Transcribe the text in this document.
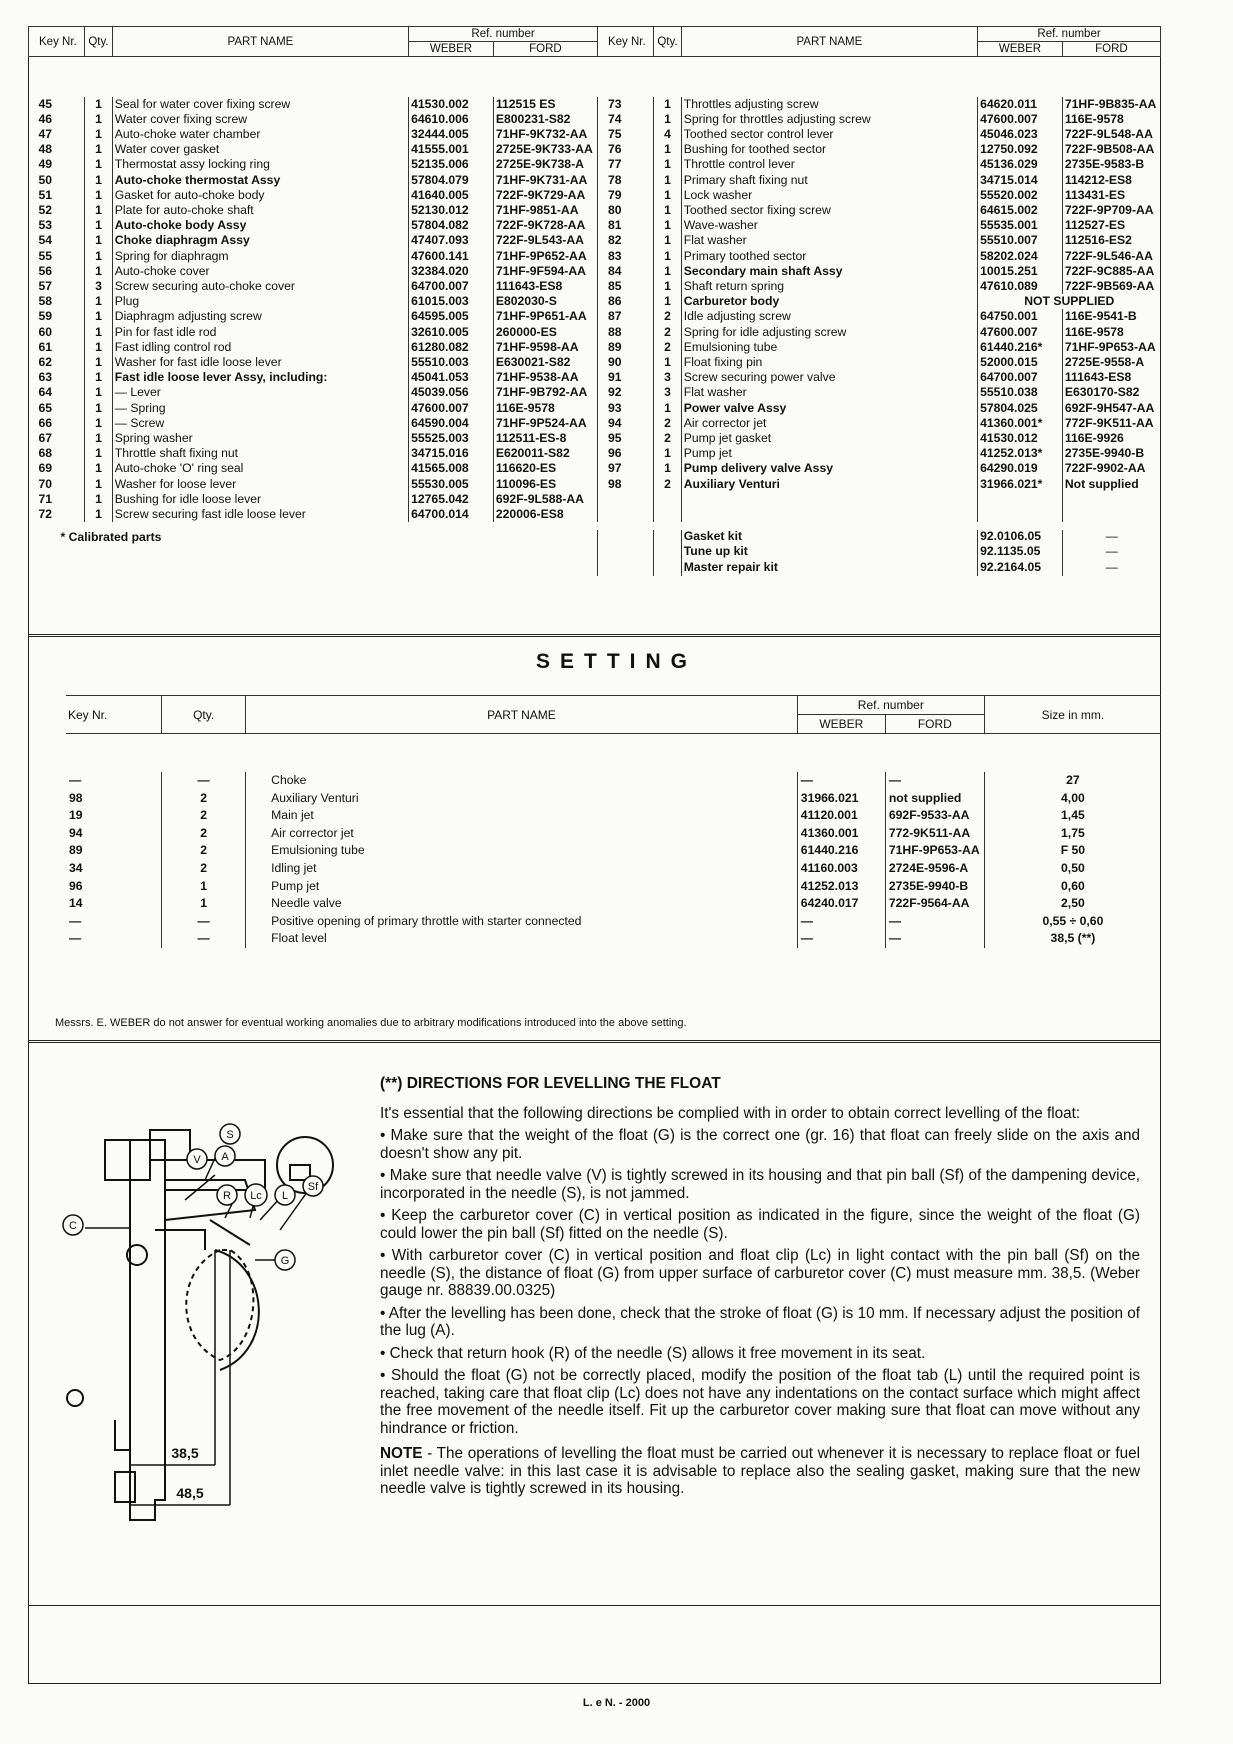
Key Nr.	Qty.	PART NAME	Ref. number		Key Nr.	Qty.	PART NAME	Ref. number	
			WEBER	FORD				WEBER	FORD

45	1	Seal for water cover fixing screw	41530.002	112515 ES	73	1	Throttles adjusting screw	64620.011	71HF-9B835-AA
46	1	Water cover fixing screw	64610.006	E800231-S82	74	1	Spring for throttles adjusting screw	47600.007	116E-9578
47	1	Auto-choke water chamber	32444.005	71HF-9K732-AA	75	4	Toothed sector control lever	45046.023	722F-9L548-AA
48	1	Water cover gasket	41555.001	2725E-9K733-AA	76	1	Bushing for toothed sector	12750.092	722F-9B508-AA
49	1	Thermostat assy locking ring	52135.006	2725E-9K738-A	77	1	Throttle control lever	45136.029	2735E-9583-B
50	1	Auto-choke thermostat Assy	57804.079	71HF-9K731-AA	78	1	Primary shaft fixing nut	34715.014	114212-ES8
51	1	Gasket for auto-choke body	41640.005	722F-9K729-AA	79	1	Lock washer	55520.002	113431-ES
52	1	Plate for auto-choke shaft	52130.012	71HF-9851-AA	80	1	Toothed sector fixing screw	64615.002	722F-9P709-AA
53	1	Auto-choke body Assy	57804.082	722F-9K728-AA	81	1	Wave-washer	55535.001	112527-ES
54	1	Choke diaphragm Assy	47407.093	722F-9L543-AA	82	1	Flat washer	55510.007	112516-ES2
55	1	Spring for diaphragm	47600.141	71HF-9P652-AA	83	1	Primary toothed sector	58202.024	722F-9L546-AA
56	1	Auto-choke cover	32384.020	71HF-9F594-AA	84	1	Secondary main shaft Assy	10015.251	722F-9C885-AA
57	3	Screw securing auto-choke cover	64700.007	111643-ES8	85	1	Shaft return spring	47610.089	722F-9B569-AA
58	1	Plug	61015.003	E802030-S	86	1	Carburetor body	NOT SUPPLIED	
59	1	Diaphragm adjusting screw	64595.005	71HF-9P651-AA	87	2	Idle adjusting screw	64750.001	116E-9541-B
60	1	Pin for fast idle rod	32610.005	260000-ES	88	2	Spring for idle adjusting screw	47600.007	116E-9578
61	1	Fast idling control rod	61280.082	71HF-9598-AA	89	2	Emulsioning tube	61440.216*	71HF-9P653-AA
62	1	Washer for fast idle loose lever	55510.003	E630021-S82	90	1	Float fixing pin	52000.015	2725E-9558-A
63	1	Fast idle loose lever Assy, including:	45041.053	71HF-9538-AA	91	3	Screw securing power valve	64700.007	111643-ES8
64	1	— Lever	45039.056	71HF-9B792-AA	92	3	Flat washer	55510.038	E630170-S82
65	1	— Spring	47600.007	116E-9578	93	1	Power valve Assy	57804.025	692F-9H547-AA
66	1	— Screw	64590.004	71HF-9P524-AA	94	2	Air corrector jet	41360.001*	772F-9K511-AA
67	1	Spring washer	55525.003	112511-ES-8	95	2	Pump jet gasket	41530.012	116E-9926
68	1	Throttle shaft fixing nut	34715.016	E620011-S82	96	1	Pump jet	41252.013*	2735E-9940-B
69	1	Auto-choke 'O' ring seal	41565.008	116620-ES	97	1	Pump delivery valve Assy	64290.019	722F-9902-AA
70	1	Washer for loose lever	55530.005	110096-ES	98	2	Auxiliary Venturi	31966.021*	Not supplied
71	1	Bushing for idle loose lever	12765.042	692F-9L588-AA					
72	1	Screw securing fast idle loose lever	64700.014	220006-ES8					

* Calibrated parts							Gasket kit	92.0106.05	—
							Tune up kit	92.1135.05	—
							Master repair kit	92.2164.05	—
SETTING
Key Nr.	Qty.	PART NAME	Ref. number		Size in mm.
			WEBER	FORD	

—	—	Choke	—	—	27
98	2	Auxiliary Venturi	31966.021	not supplied	4,00
19	2	Main jet	41120.001	692F-9533-AA	1,45
94	2	Air corrector jet	41360.001	772-9K511-AA	1,75
89	2	Emulsioning tube	61440.216	71HF-9P653-AA	F 50
34	2	Idling jet	41160.003	2724E-9596-A	0,50
96	1	Pump jet	41252.013	2735E-9940-B	0,60
14	1	Needle valve	64240.017	722F-9564-AA	2,50
—	—	Positive opening of primary throttle with starter connected	—	—	0,55 ÷ 0,60
—	—	Float level	—	—	38,5 (**)
Messrs. E. WEBER do not answer for eventual working anomalies due to arbitrary modifications introduced into the above setting.
S
V A
Sf
R Lc L
C
G
38,5
48,5
(**) DIRECTIONS FOR LEVELLING THE FLOAT

It's essential that the following directions be complied with in order to obtain correct levelling of the float:

• Make sure that the weight of the float (G) is the correct one (gr. 16) that float can freely slide on the axis and doesn't show any pit.

• Make sure that needle valve (V) is tightly screwed in its housing and that pin ball (Sf) of the dampening device, incorporated in the needle (S), is not jammed.

• Keep the carburetor cover (C) in vertical position as indicated in the figure, since the weight of the float (G) could lower the pin ball (Sf) fitted on the needle (S).

• With carburetor cover (C) in vertical position and float clip (Lc) in light contact with the pin ball (Sf) on the needle (S), the distance of float (G) from upper surface of carburetor cover (C) must measure mm. 38,5. (Weber gauge nr. 88839.00.0325)

• After the levelling has been done, check that the stroke of float (G) is 10 mm. If necessary adjust the position of the lug (A).

• Check that return hook (R) of the needle (S) allows it free movement in its seat.

• Should the float (G) not be correctly placed, modify the position of the float tab (L) until the required point is reached, taking care that float clip (Lc) does not have any indentations on the contact surface which might affect the free movement of the needle itself. Fit up the carburetor cover making sure that float can move without any hindrance or friction.

NOTE - The operations of levelling the float must be carried out whenever it is necessary to replace float or fuel inlet needle valve: in this last case it is advisable to replace also the sealing gasket, making sure that the new needle valve is tightly screwed in its housing.

L. e N. - 2000
